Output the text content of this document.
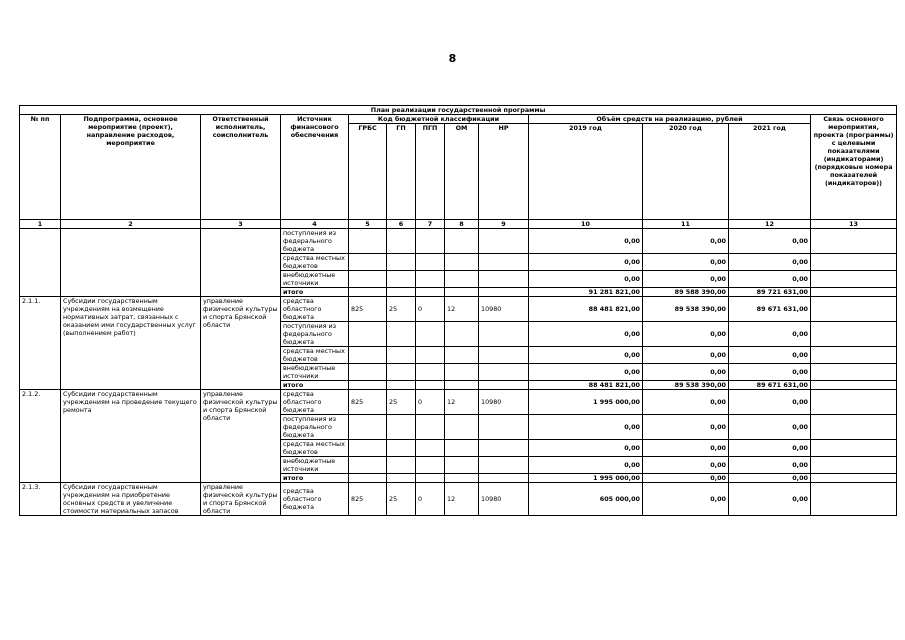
8
План реализации государственной программы												
№ пп	Подпрограмма, основное мероприятие (проект), направление расходов, мероприятие	Ответственный исполнитель, соисполнитель	Источник финансового обеспечения	Код бюджетной классификации					Объём средств на реализацию, рублей			Связь основного мероприятия, проекта (программы) с целевыми показателями (индикаторами) (порядковые номера показателей (индикаторов))
				ГРБС	ГП	ПГП	ОМ	НР	2019 год	2020 год	2021 год	
1	2	3	4	5	6	7	8	9	10	11	12	13
			поступления из федерального бюджета						0,00	0,00	0,00	
			средства местных бюджетов						0,00	0,00	0,00	
			внебюджетные источники						0,00	0,00	0,00	
			итого						91 281 821,00	89 588 390,00	89 721 631,00	
2.1.1.	Субсидии государственным учреждениям на возмещение нормативных затрат, связанных с оказанием ими государственных услуг (выполнением работ)	управление физической культуры и спорта Брянской области	средства областного бюджета	825	25	0	12	10980	88 481 821,00	89 538 390,00	89 671 631,00	
			поступления из федерального бюджета						0,00	0,00	0,00	
			средства местных бюджетов						0,00	0,00	0,00	
			внебюджетные источники						0,00	0,00	0,00	
			итого						88 481 821,00	89 538 390,00	89 671 631,00	
2.1.2.	Субсидии государственным учреждениям на проведение текущего ремонта	управление физической культуры и спорта Брянской области	средства областного бюджета	825	25	0	12	10980	1 995 000,00	0,00	0,00	
			поступления из федерального бюджета						0,00	0,00	0,00	
			средства местных бюджетов						0,00	0,00	0,00	
			внебюджетные источники						0,00	0,00	0,00	
			итого						1 995 000,00	0,00	0,00	
2.1.3.	Субсидии государственным учреждениям на приобретение основных средств и увеличение стоимости материальных запасов	управление физической культуры и спорта Брянской области	средства областного бюджета	825	25	0	12	10980	605 000,00	0,00	0,00	
